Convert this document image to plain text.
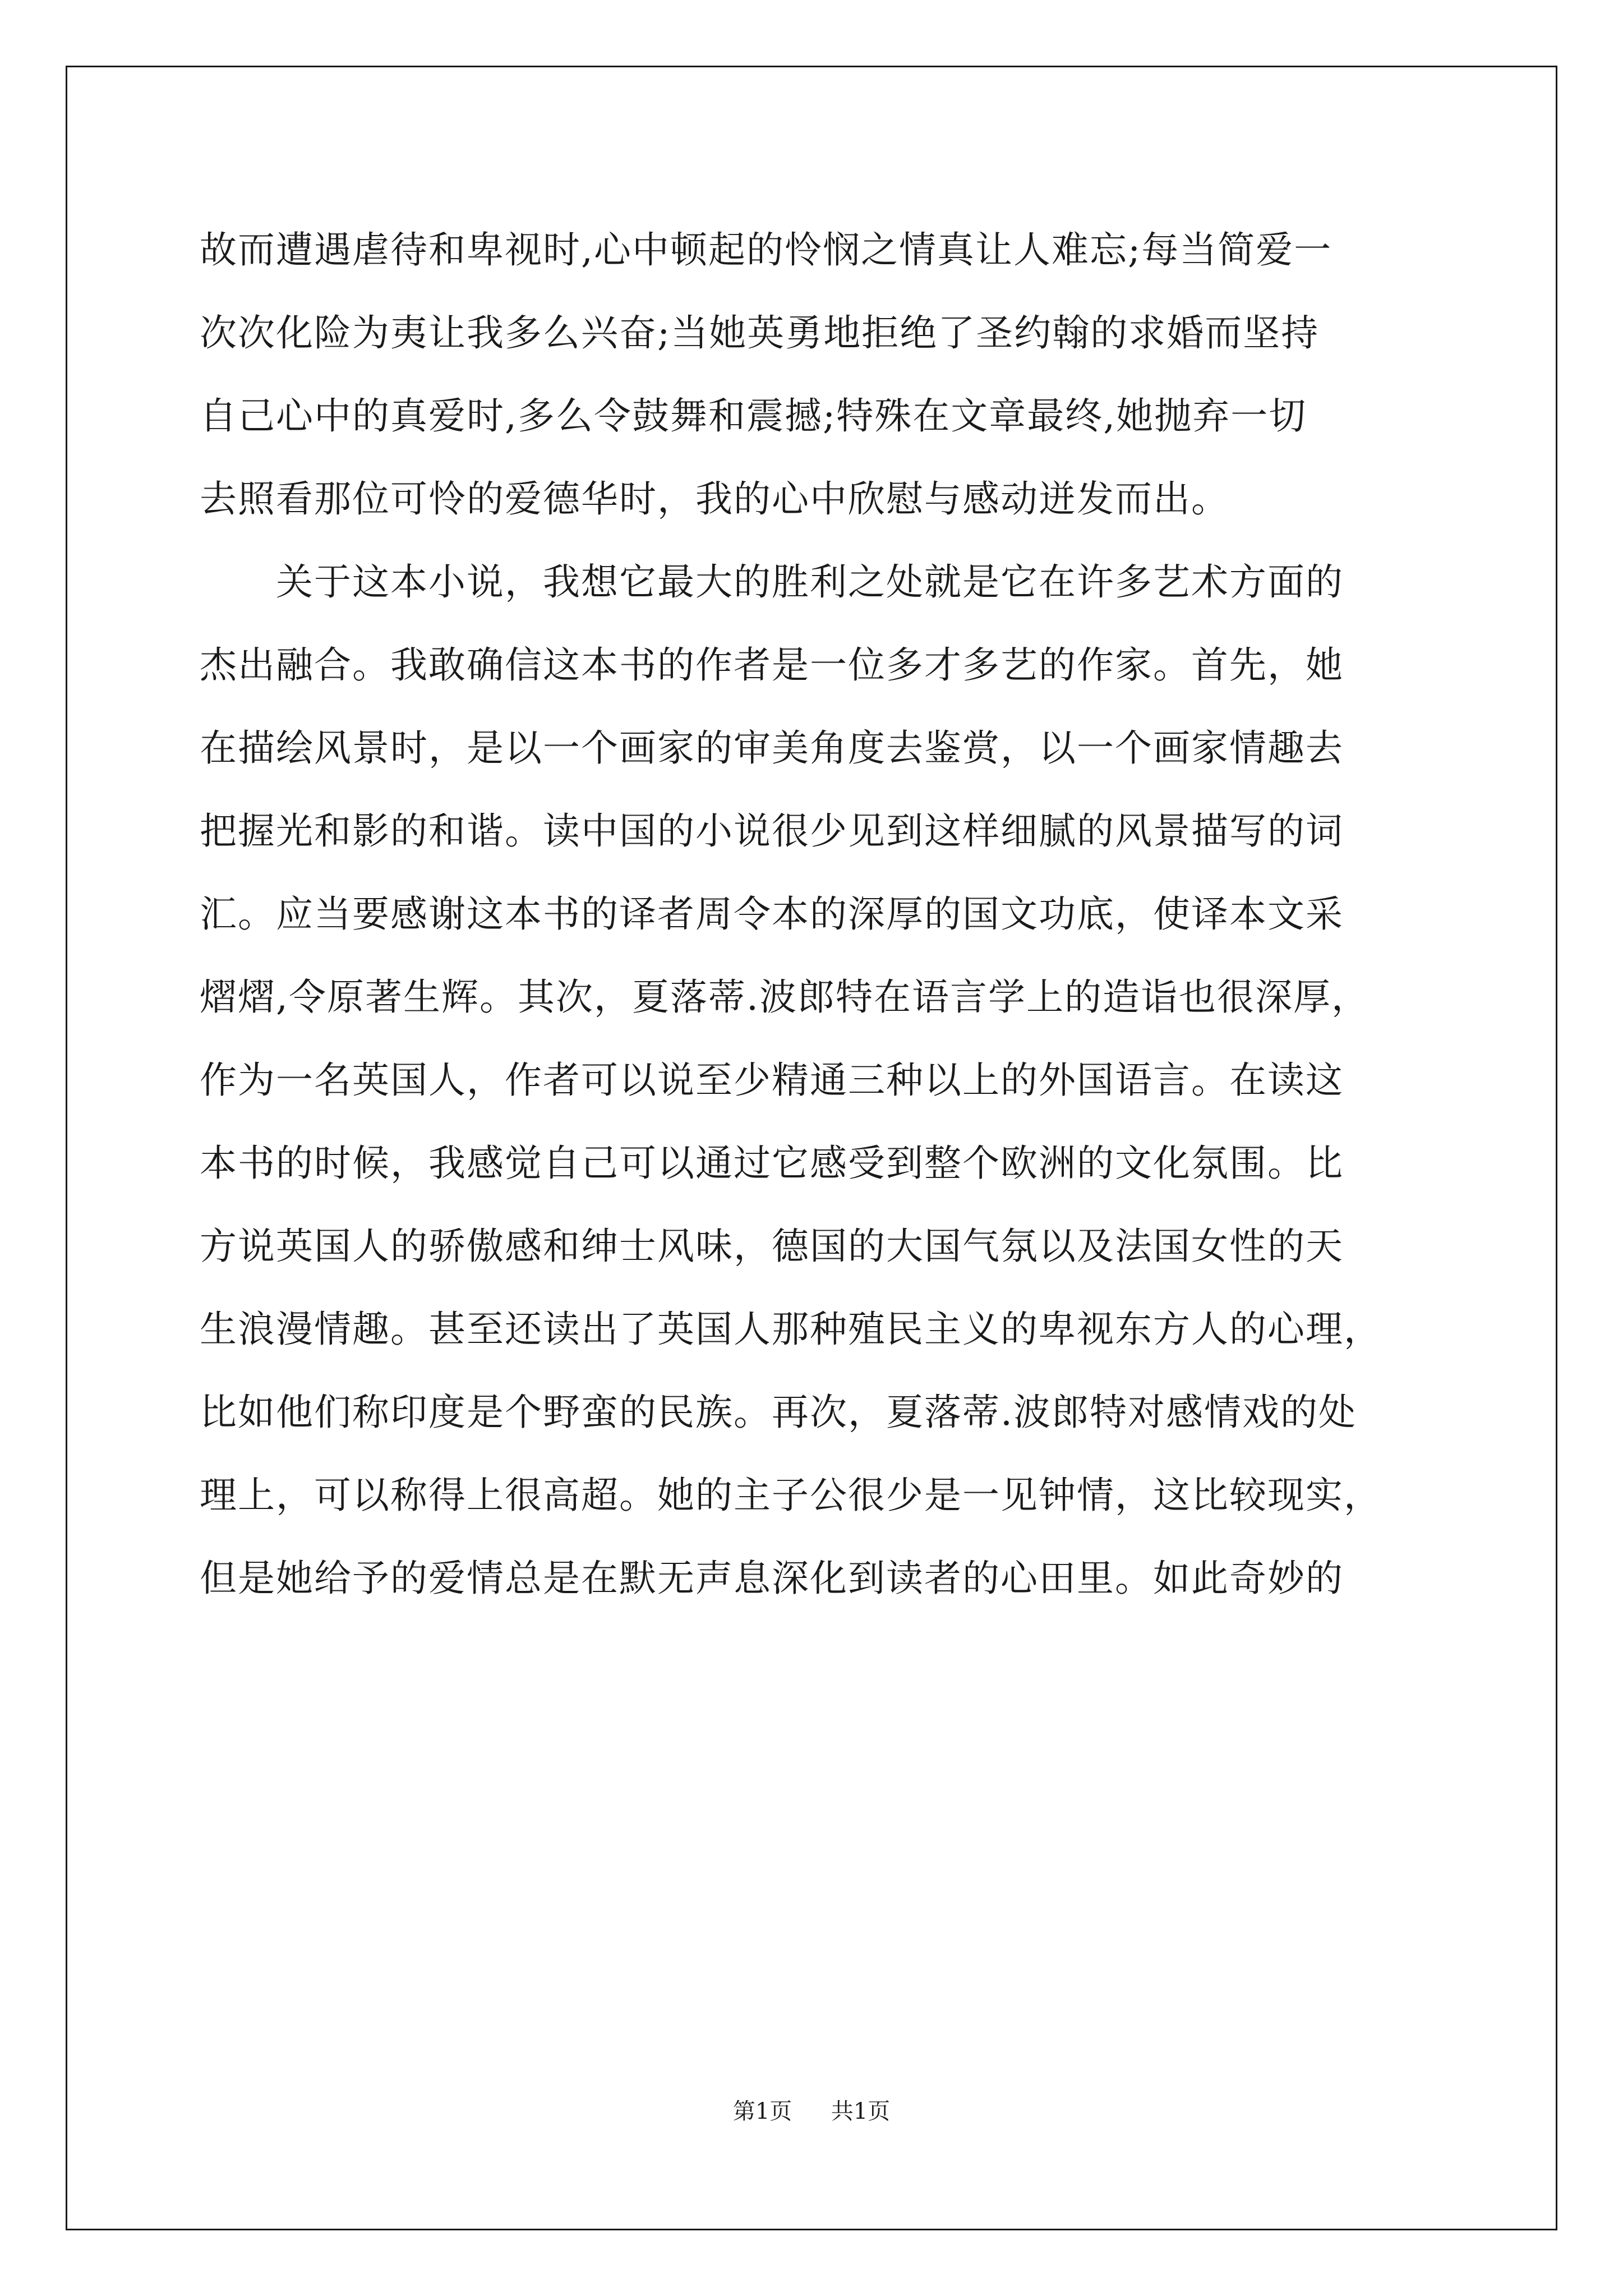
故而遭遇虐待和卑视时,心中顿起的怜悯之情真让人难忘;每当简爱一
次次化险为夷让我多么兴奋;当她英勇地拒绝了圣约翰的求婚而坚持
自己心中的真爱时,多么令鼓舞和震撼;特殊在文章最终,她抛弃一切
去照看那位可怜的爱德华时，我的心中欣慰与感动迸发而出。
　　关于这本小说，我想它最大的胜利之处就是它在许多艺术方面的
杰出融合。我敢确信这本书的作者是一位多才多艺的作家。首先，她
在描绘风景时，是以一个画家的审美角度去鉴赏，以一个画家情趣去
把握光和影的和谐。读中国的小说很少见到这样细腻的风景描写的词
汇。应当要感谢这本书的译者周令本的深厚的国文功底，使译本文采
熠熠,令原著生辉。其次，夏落蒂.波郎特在语言学上的造诣也很深厚，
作为一名英国人，作者可以说至少精通三种以上的外国语言。在读这
本书的时候，我感觉自己可以通过它感受到整个欧洲的文化氛围。比
方说英国人的骄傲感和绅士风味，德国的大国气氛以及法国女性的天
生浪漫情趣。甚至还读出了英国人那种殖民主义的卑视东方人的心理，
比如他们称印度是个野蛮的民族。再次，夏落蒂.波郎特对感情戏的处
理上，可以称得上很高超。她的主子公很少是一见钟情，这比较现实，
但是她给予的爱情总是在默无声息深化到读者的心田里。如此奇妙的
第1页 共1页
